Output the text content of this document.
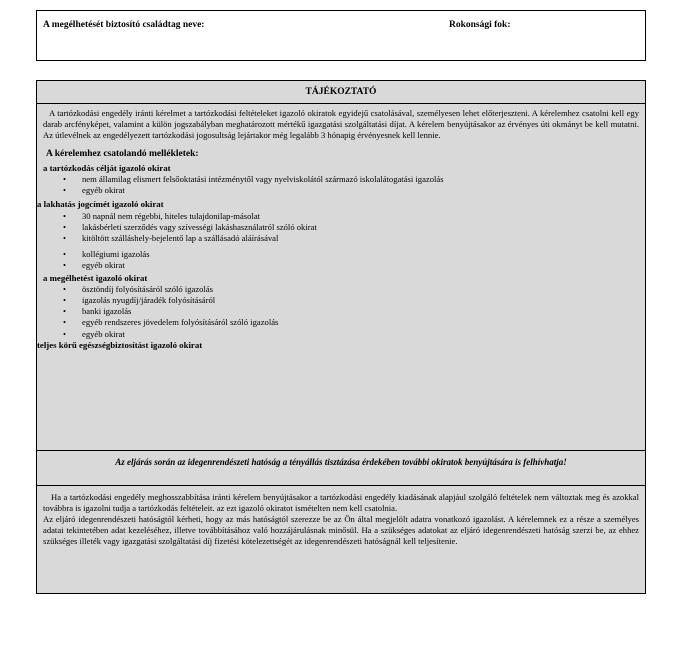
A megélhetését biztosító családtag neve:	Rokonsági fok:
TÁJÉKOZTATÓ

A tartózkodási engedély iránti kérelmet a tartózkodási feltételeket igazoló okiratok egyidejű csatolásával, személyesen lehet előterjeszteni. A kérelemhez csatolni kell egy darab arcfényképet, valamint a külön jogszabályban meghatározott mértékű igazgatási szolgáltatási díjat. A kérelem benyújtásakor az érvényes úti okmányt be kell mutatni. Az útlevélnek az engedélyezett tartózkodási jogosultság lejártakor még legalább 3 hónapig érvényesnek kell lennie.

A kérelemhez csatolandó mellékletek:
a tartózkodás célját igazoló okirat
• nem államilag elismert felsőoktatási intézménytől vagy nyelviskolától származó iskolalátogatási igazolás
• egyéb okirat
a lakhatás jogcímét igazoló okirat
• 30 napnál nem régebbi, hiteles tulajdonilap-másolat
• lakásbérleti szerződés vagy szívességi lakáshasználatról szóló okirat
• kitöltött szálláshely-bejelentő lap a szállásadó aláírásával
• kollégiumi igazolás
• egyéb okirat
a megélhetést igazoló okirat
• ösztöndíj folyósításáról szóló igazolás
• igazolás nyugdíj/járadék folyósításáról
• banki igazolás
• egyéb rendszeres jövedelem folyósításáról szóló igazolás
• egyéb okirat
teljes körű egészségbiztosítást igazoló okirat
Az eljárás során az idegenrendészeti hatóság a tényállás tisztázása érdekében további okiratok benyújtására is felhívhatja!

Ha a tartózkodási engedély meghosszabbítása iránti kérelem benyújtásakor a tartózkodási engedély kiadásának alapjául szolgáló feltételek nem változtak meg és azokkal továbbra is igazolni tudja a tartózkodás feltételeit. az ezt igazoló okiratot ismételten nem kell csatolnia.

Az eljáró idegenrendészeti hatóságtól kérheti, hogy az más hatóságtól szerezze be az Ön által megjelölt adatra vonatkozó igazolást. A kérelemnek ez a része a személyes adatai tekintetében adat kezeléséhez, illetve továbbításához való hozzájárulásnak minősül. Ha a szükséges adatokat az eljáró idegenrendészeti hatóság szerzi be, az ehhez szükséges illeték vagy igazgatási szolgáltatási díj fizetési kötelezettségét az idegenrendészeti hatóságnál kell teljesítenie.
